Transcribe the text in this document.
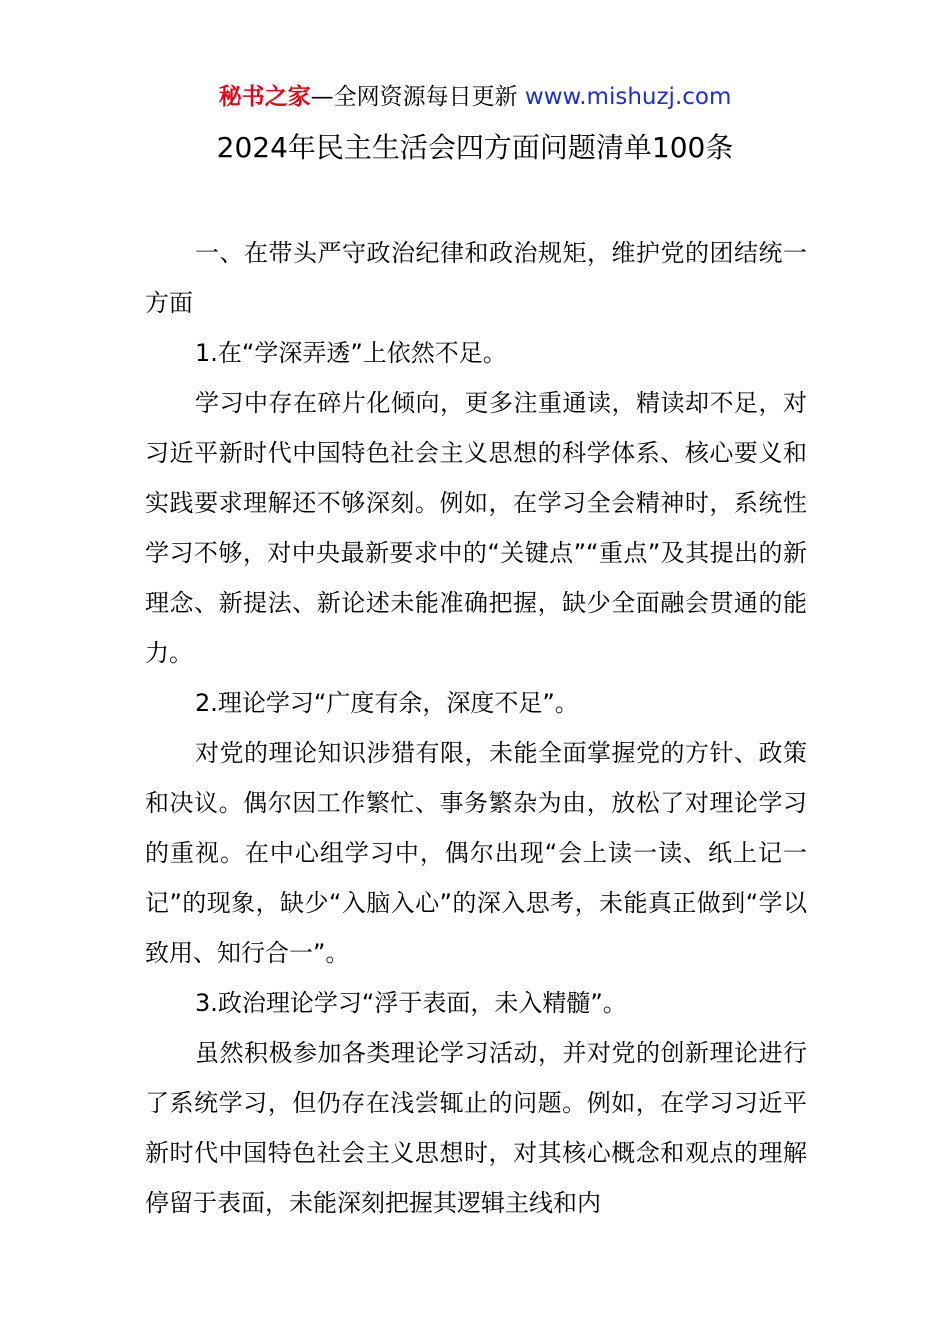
秘书之家—全网资源每日更新 www.mishuzj.com
2024年民主生活会四方面问题清单100条

一、在带头严守政治纪律和政治规矩，维护党的团结统一方面

1.在“学深弄透”上依然不足。

学习中存在碎片化倾向，更多注重通读，精读却不足，对习近平新时代中国特色社会主义思想的科学体系、核心要义和实践要求理解还不够深刻。例如，在学习全会精神时，系统性学习不够，对中央最新要求中的“关键点”“重点”及其提出的新理念、新提法、新论述未能准确把握，缺少全面融会贯通的能力。

2.理论学习“广度有余，深度不足”。

对党的理论知识涉猎有限，未能全面掌握党的方针、政策和决议。偶尔因工作繁忙、事务繁杂为由，放松了对理论学习的重视。在中心组学习中，偶尔出现“会上读一读、纸上记一记”的现象，缺少“入脑入心”的深入思考，未能真正做到“学以致用、知行合一”。

3.政治理论学习“浮于表面，未入精髓”。

虽然积极参加各类理论学习活动，并对党的创新理论进行了系统学习，但仍存在浅尝辄止的问题。例如，在学习习近平新时代中国特色社会主义思想时，对其核心概念和观点的理解停留于表面，未能深刻把握其逻辑主线和内
